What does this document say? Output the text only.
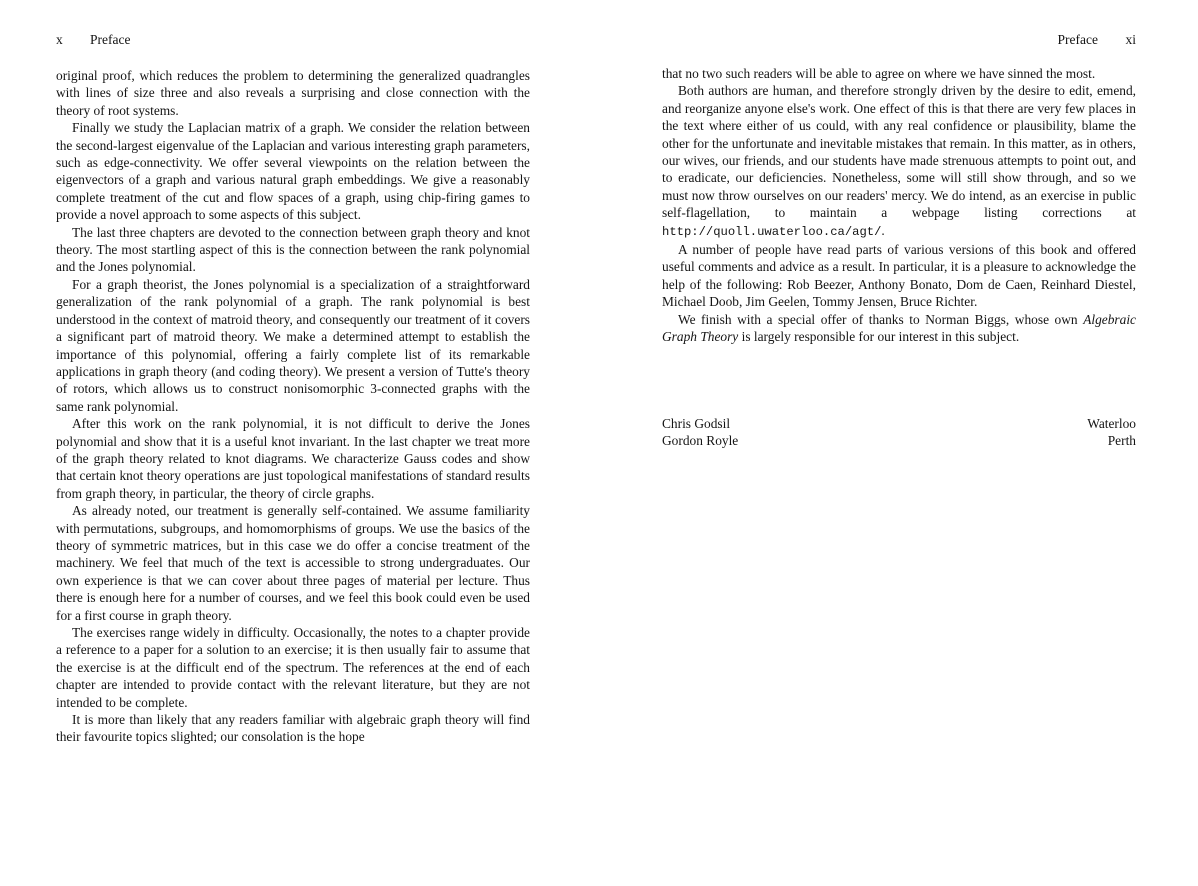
x Preface

original proof, which reduces the problem to determining the generalized quadrangles with lines of size three and also reveals a surprising and close connection with the theory of root systems.

Finally we study the Laplacian matrix of a graph. We consider the relation between the second-largest eigenvalue of the Laplacian and various interesting graph parameters, such as edge-connectivity. We offer several viewpoints on the relation between the eigenvectors of a graph and various natural graph embeddings. We give a reasonably complete treatment of the cut and flow spaces of a graph, using chip-firing games to provide a novel approach to some aspects of this subject.

The last three chapters are devoted to the connection between graph theory and knot theory. The most startling aspect of this is the connection between the rank polynomial and the Jones polynomial.

For a graph theorist, the Jones polynomial is a specialization of a straightforward generalization of the rank polynomial of a graph. The rank polynomial is best understood in the context of matroid theory, and consequently our treatment of it covers a significant part of matroid theory. We make a determined attempt to establish the importance of this polynomial, offering a fairly complete list of its remarkable applications in graph theory (and coding theory). We present a version of Tutte's theory of rotors, which allows us to construct nonisomorphic 3-connected graphs with the same rank polynomial.

After this work on the rank polynomial, it is not difficult to derive the Jones polynomial and show that it is a useful knot invariant. In the last chapter we treat more of the graph theory related to knot diagrams. We characterize Gauss codes and show that certain knot theory operations are just topological manifestations of standard results from graph theory, in particular, the theory of circle graphs.

As already noted, our treatment is generally self-contained. We assume familiarity with permutations, subgroups, and homomorphisms of groups. We use the basics of the theory of symmetric matrices, but in this case we do offer a concise treatment of the machinery. We feel that much of the text is accessible to strong undergraduates. Our own experience is that we can cover about three pages of material per lecture. Thus there is enough here for a number of courses, and we feel this book could even be used for a first course in graph theory.

The exercises range widely in difficulty. Occasionally, the notes to a chapter provide a reference to a paper for a solution to an exercise; it is then usually fair to assume that the exercise is at the difficult end of the spectrum. The references at the end of each chapter are intended to provide contact with the relevant literature, but they are not intended to be complete.

It is more than likely that any readers familiar with algebraic graph theory will find their favourite topics slighted; our consolation is the hope

Preface xi

that no two such readers will be able to agree on where we have sinned the most.

Both authors are human, and therefore strongly driven by the desire to edit, emend, and reorganize anyone else's work. One effect of this is that there are very few places in the text where either of us could, with any real confidence or plausibility, blame the other for the unfortunate and inevitable mistakes that remain. In this matter, as in others, our wives, our friends, and our students have made strenuous attempts to point out, and to eradicate, our deficiencies. Nonetheless, some will still show through, and so we must now throw ourselves on our readers' mercy. We do intend, as an exercise in public self-flagellation, to maintain a webpage listing corrections at http://quoll.uwaterloo.ca/agt/.

A number of people have read parts of various versions of this book and offered useful comments and advice as a result. In particular, it is a pleasure to acknowledge the help of the following: Rob Beezer, Anthony Bonato, Dom de Caen, Reinhard Diestel, Michael Doob, Jim Geelen, Tommy Jensen, Bruce Richter.

We finish with a special offer of thanks to Norman Biggs, whose own Algebraic Graph Theory is largely responsible for our interest in this subject.

Chris Godsil	Waterloo
Gordon Royle	Perth
